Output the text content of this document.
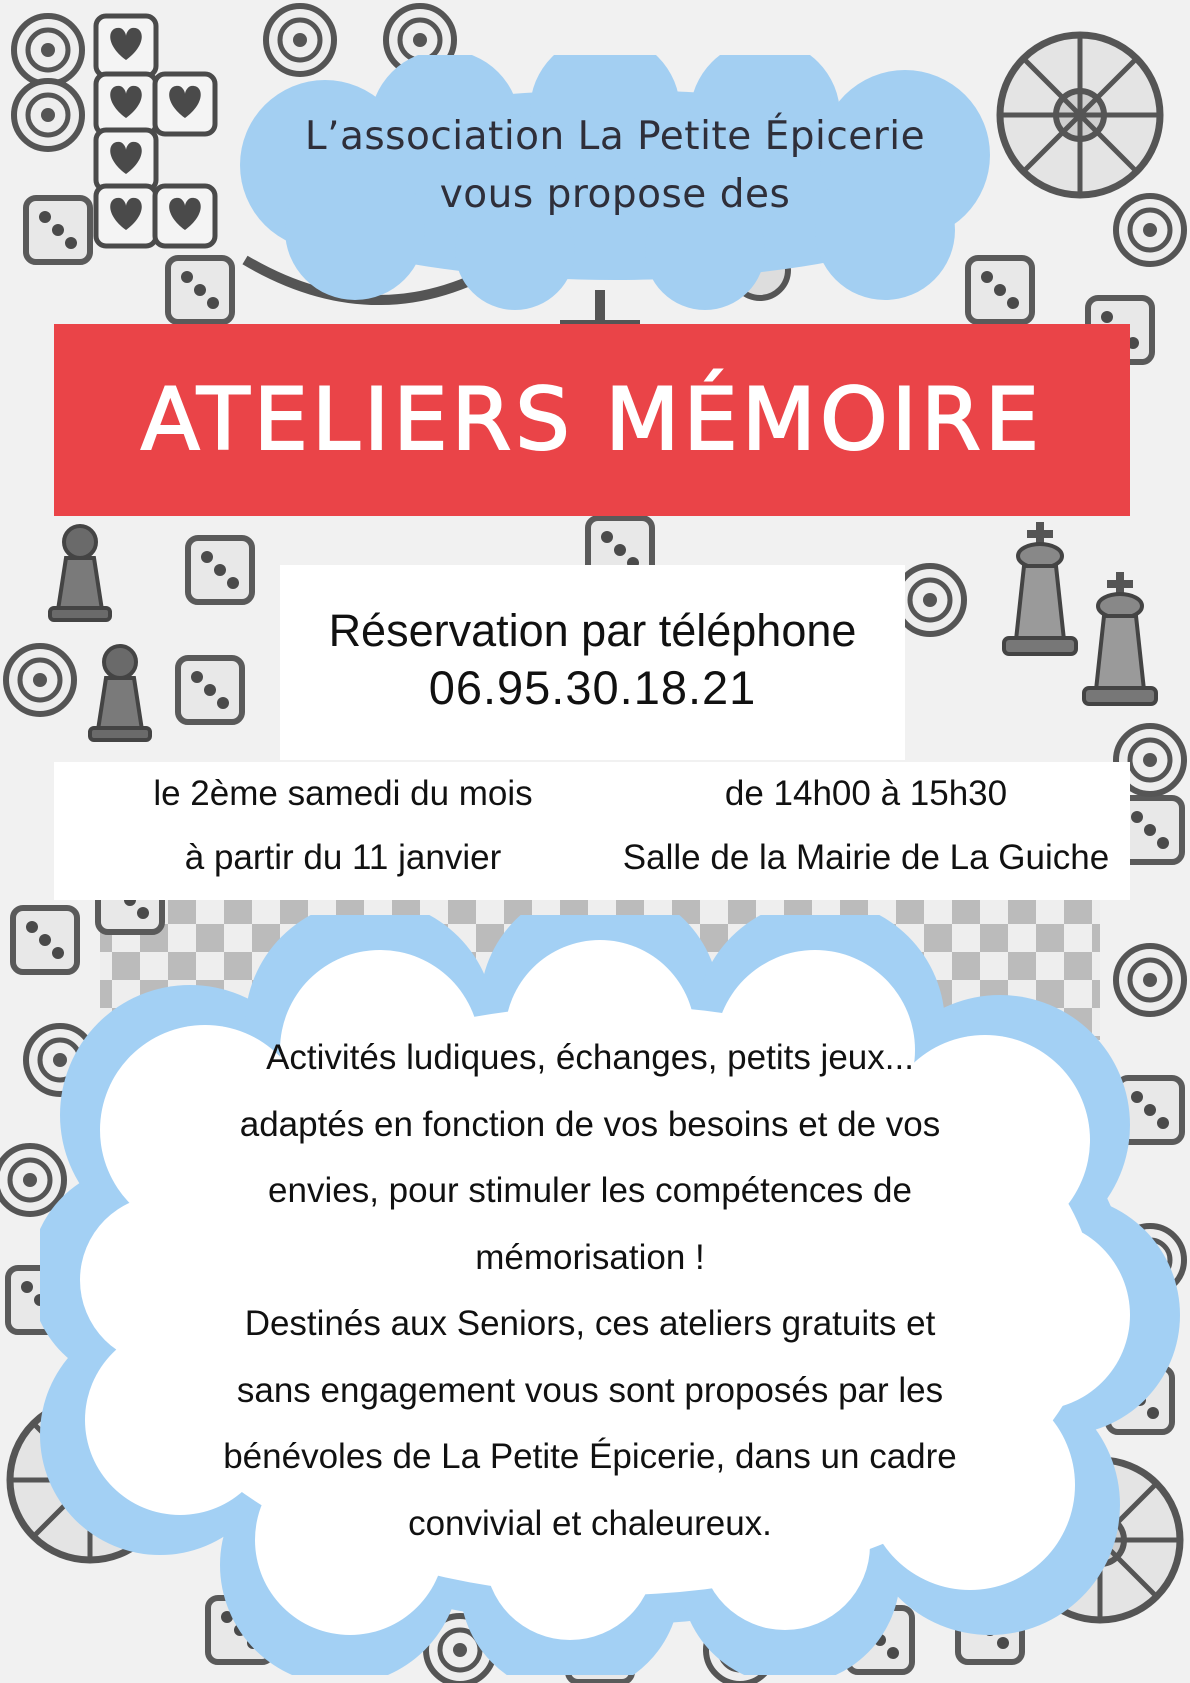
L’association La Petite Épicerie
vous propose des
ATELIERS MÉMOIRE
Réservation par téléphone
06.95.30.18.21
le 2ème samedi du mois
à partir du 11 janvier
de 14h00 à 15h30
Salle de la Mairie de La Guiche
Activités ludiques, échanges, petits jeux...
adaptés en fonction de vos besoins et de vos
envies, pour stimuler les compétences de
mémorisation !
Destinés aux Seniors, ces ateliers gratuits et
sans engagement vous sont proposés par les
bénévoles de La Petite Épicerie, dans un cadre
convivial et chaleureux.
